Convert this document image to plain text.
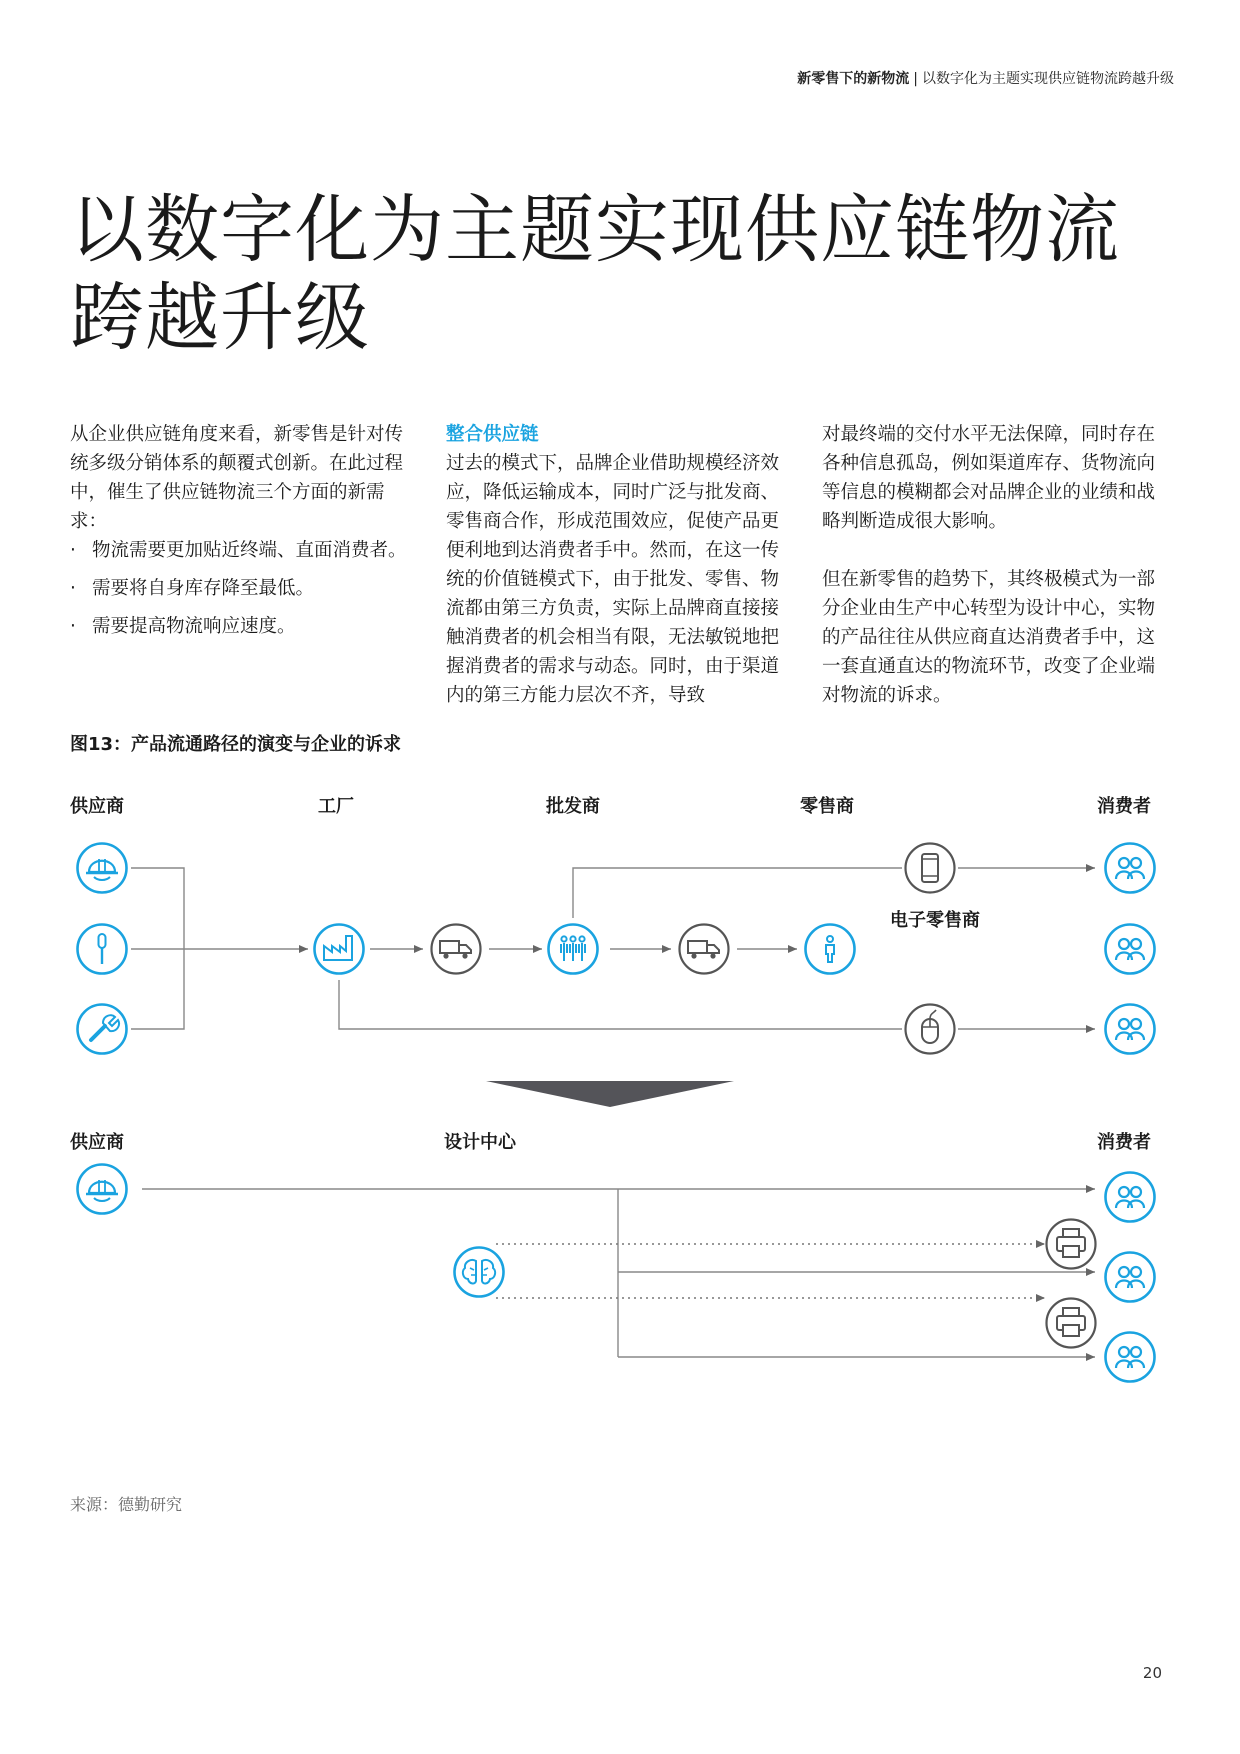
新零售下的新物流 | 以数字化为主题实现供应链物流跨越升级
以数字化为主题实现供应链物流跨越升级

从企业供应链角度来看，新零售是针对传统多级分销体系的颠覆式创新。在此过程中，催生了供应链物流三个方面的新需求：

· 物流需要更加贴近终端、直面消费者。
· 需要将自身库存降至最低。
· 需要提高物流响应速度。

整合供应链

过去的模式下，品牌企业借助规模经济效应，降低运输成本，同时广泛与批发商、零售商合作，形成范围效应，促使产品更便利地到达消费者手中。然而，在这一传统的价值链模式下，由于批发、零售、物流都由第三方负责，实际上品牌商直接接触消费者的机会相当有限，无法敏锐地把握消费者的需求与动态。同时，由于渠道内的第三方能力层次不齐，导致

对最终端的交付水平无法保障，同时存在各种信息孤岛，例如渠道库存、货物流向等信息的模糊都会对品牌企业的业绩和战略判断造成很大影响。

但在新零售的趋势下，其终极模式为一部分企业由生产中心转型为设计中心，实物的产品往往从供应商直达消费者手中，这一套直通直达的物流环节，改变了企业端对物流的诉求。

图13：产品流通路径的演变与企业的诉求
供应商	工厂	批发商	零售商	消费者
电子零售商
供应商	设计中心	消费者
来源：德勤研究
20
